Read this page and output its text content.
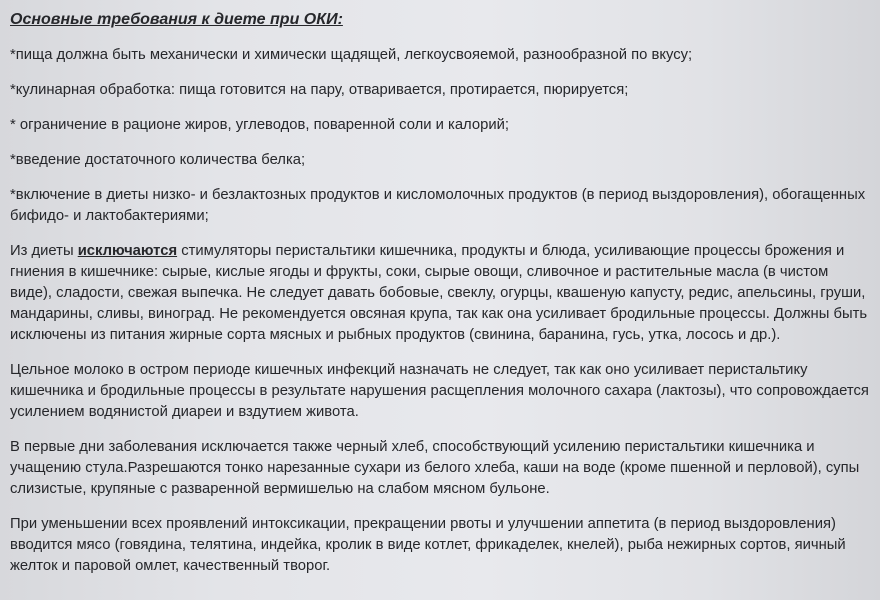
Основные требования к диете при ОКИ:

*пища должна быть механически и химически щадящей, легкоусвояемой, разнообразной по вкусу;

*кулинарная обработка: пища готовится на пару, отваривается, протирается, пюрируется;

* ограничение в рационе жиров, углеводов, поваренной соли и калорий;

*введение достаточного количества белка;

*включение в диеты низко- и безлактозных продуктов и кисломолочных продуктов (в период выздоровления), обогащенных бифидо- и лактобактериями;

Из диеты исключаются стимуляторы перистальтики кишечника, продукты и блюда, усиливающие процессы брожения и гниения в кишечнике: сырые, кислые ягоды и фрукты, соки, сырые овощи, сливочное и растительные масла (в чистом виде), сладости, свежая выпечка. Не следует давать бобовые, свеклу, огурцы, квашеную капусту, редис, апельсины, груши, мандарины, сливы, виноград. Не рекомендуется овсяная крупа, так как она усиливает бродильные процессы. Должны быть исключены из питания жирные сорта мясных и рыбных продуктов (свинина, баранина, гусь, утка, лосось и др.).

Цельное молоко в остром периоде кишечных инфекций назначать не следует, так как оно усиливает перистальтику кишечника и бродильные процессы в результате нарушения расщепления молочного сахара (лактозы), что сопровождается усилением водянистой диареи и вздутием живота.

В первые дни заболевания исключается также черный хлеб, способствующий усилению перистальтики кишечника и учащению стула.Разрешаются тонко нарезанные сухари из белого хлеба, каши на воде (кроме пшенной и перловой), супы слизистые, крупяные с разваренной вермишелью на слабом мясном бульоне.

При уменьшении всех проявлений интоксикации, прекращении рвоты и улучшении аппетита (в период выздоровления) вводится мясо (говядина, телятина, индейка, кролик в виде котлет, фрикаделек, кнелей), рыба нежирных сортов, яичный желток и паровой омлет, качественный творог.
